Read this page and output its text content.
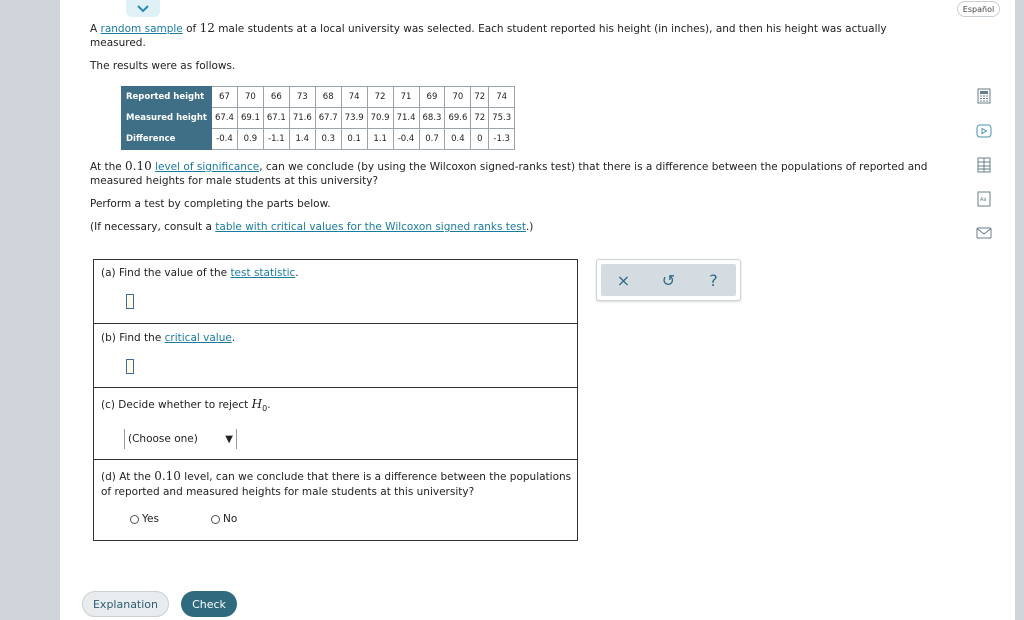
Español
A random sample of 12 male students at a local university was selected. Each student reported his height (in inches), and then his height was actually
measured.
The results were as follows.
Reported height	67	70	66	73	68	74	72	71	69	70	72	74
Measured height	67.4	69.1	67.1	71.6	67.7	73.9	70.9	71.4	68.3	69.6	72	75.3
Difference	-0.4	0.9	-1.1	1.4	0.3	0.1	1.1	-0.4	0.7	0.4	0	-1.3
At the 0.10 level of significance, can we conclude (by using the Wilcoxon signed-ranks test) that there is a difference between the populations of reported and
measured heights for male students at this university?
Perform a test by completing the parts below.
(If necessary, consult a table with critical values for the Wilcoxon signed ranks test.)
(a) Find the value of the test statistic.
(b) Find the critical value.
(c) Decide whether to reject $H_0$.
(Choose one)	▼
(d) At the 0.10 level, can we conclude that there is a difference between the populations
of reported and measured heights for male students at this university?
Yes	No
× ↺	?
Aa
Explanation	Check
